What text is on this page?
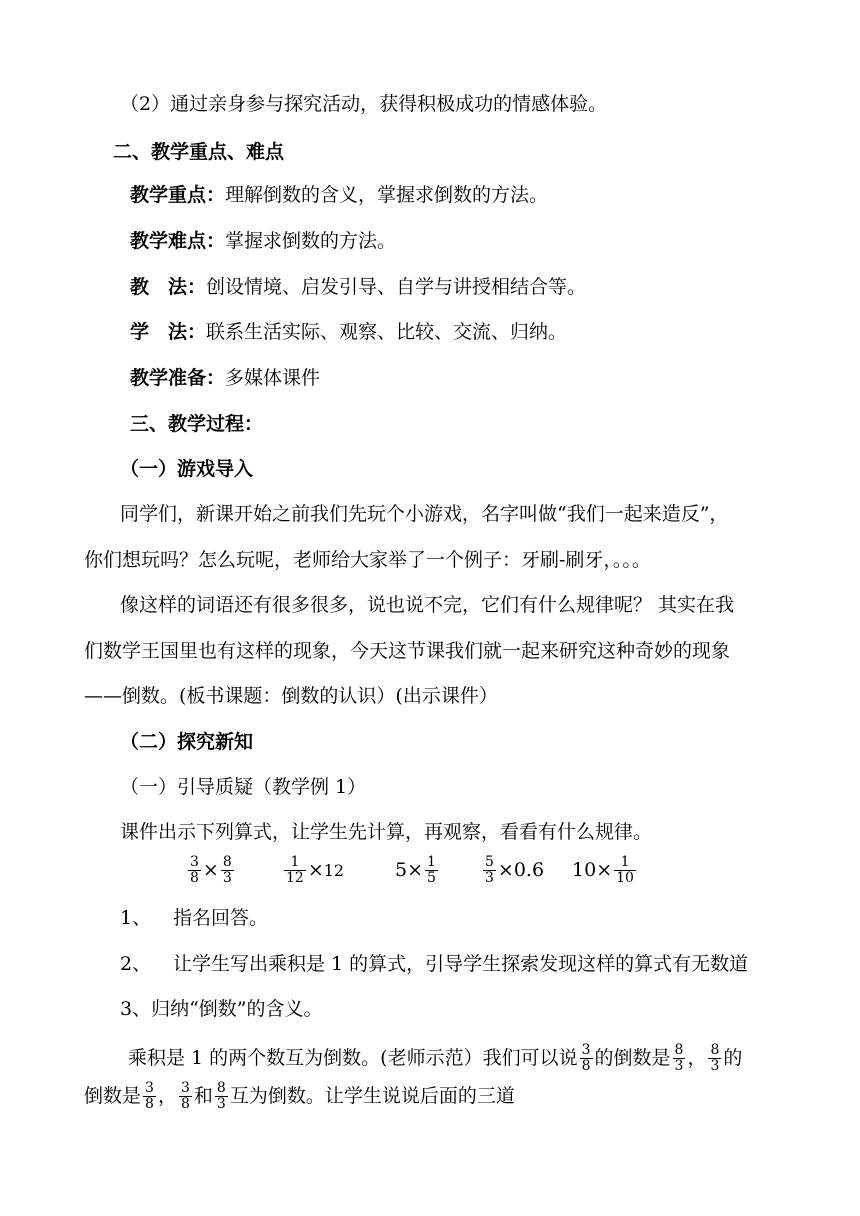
（2）通过亲身参与探究活动，获得积极成功的情感体验。
二、教学重点、难点
教学重点：理解倒数的含义，掌握求倒数的方法。
教学难点：掌握求倒数的方法。
教　法：创设情境、启发引导、自学与讲授相结合等。
学　法：联系生活实际、观察、比较、交流、归纳。
教学准备：多媒体课件
三、教学过程：
（一）游戏导入
同学们，新课开始之前我们先玩个小游戏，名字叫做“我们一起来造反”，
你们想玩吗？怎么玩呢，老师给大家举了一个例子：牙刷-刷牙，。。。
像这样的词语还有很多很多，说也说不完，它们有什么规律呢？ 其实在我
们数学王国里也有这样的现象，今天这节课我们就一起来研究这种奇妙的现象
——倒数。(板书课题：倒数的认识）(出示课件）
（二）探究新知
（一）引导质疑（教学例 1）
课件出示下列算式，让学生先计算，再观察，看看有什么规律。
$\frac{3}{8} \times \frac{8}{3}$	$\frac{1}{12} \times 12$	$5 \times \frac{1}{5}$	$\frac{5}{3} \times 0.6$ $10 \times \frac{1}{10}$
1、 指名回答。
2、 让学生写出乘积是 1 的算式，引导学生探索发现这样的算式有无数道
3、归纳“倒数”的含义。
乘积是 1 的两个数互为倒数。(老师示范）我们可以说 $\frac{3}{8}$ 的倒数是 $\frac{8}{3}$ ， $\frac{8}{3}$ 的
倒数是 $\frac{3}{8}$ ， $\frac{3}{8}$ 和 $\frac{8}{3}$ 互为倒数。让学生说说后面的三道
